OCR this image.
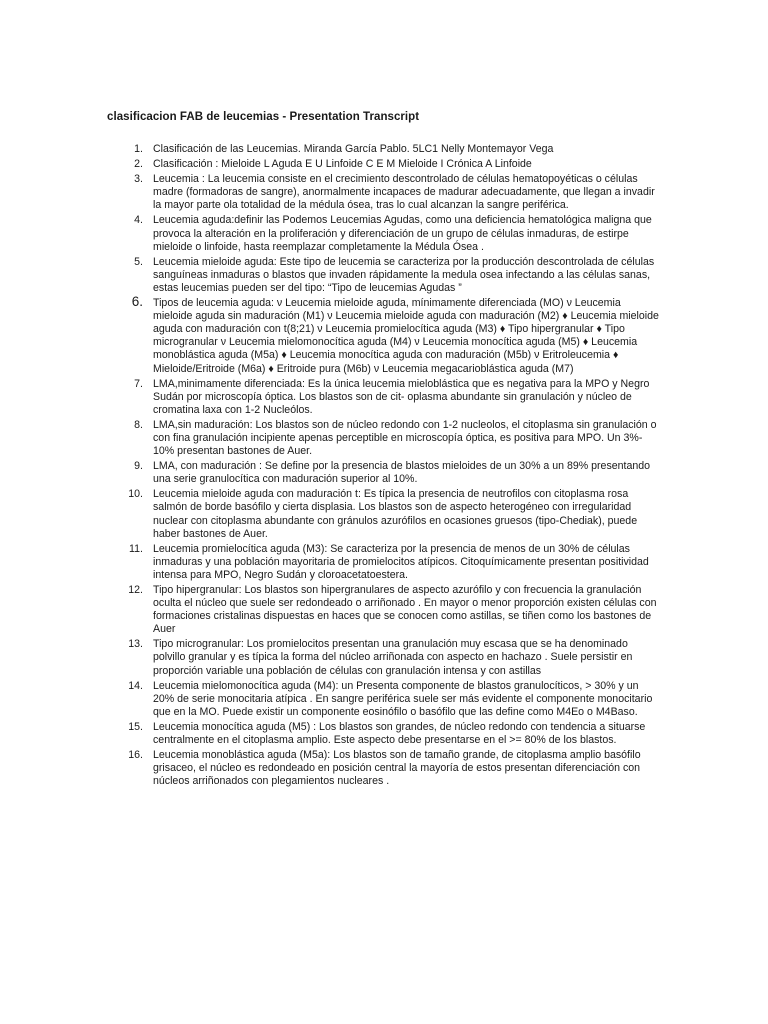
clasificacion FAB de leucemias - Presentation Transcript
1. Clasificación de las Leucemias. Miranda García Pablo. 5LC1 Nelly Montemayor Vega
2. Clasificación : Mieloide L Aguda E U Linfoide C E M Mieloide I Crónica A Linfoide
3. Leucemia : La leucemia consiste en el crecimiento descontrolado de células hematopoyéticas o células madre (formadoras de sangre), anormalmente incapaces de madurar adecuadamente, que llegan a invadir la mayor parte ola totalidad de la médula ósea, tras lo cual alcanzan la sangre periférica.
4. Leucemia aguda:definir las Podemos Leucemias Agudas, como una deficiencia hematológica maligna que provoca la alteración en la proliferación y diferenciación de un grupo de células inmaduras, de estirpe mieloide o linfoide, hasta reemplazar completamente la Médula Ósea .
5. Leucemia mieloide aguda: Este tipo de leucemia se caracteriza por la producción descontrolada de células sanguíneas inmaduras o blastos que invaden rápidamente la medula osea infectando a las células sanas, estas leucemias pueden ser del tipo: “Tipo de leucemias Agudas ”
6. Tipos de leucemia aguda: ν Leucemia mieloide aguda, mínimamente diferenciada (MO) ν Leucemia mieloide aguda sin maduración (M1) ν Leucemia mieloide aguda con maduración (M2) ♦ Leucemia mieloide aguda con maduración con t(8;21) ν Leucemia promielocítica aguda (M3) ♦ Tipo hipergranular ♦ Tipo microgranular ν Leucemia mielomonocítica aguda (M4) ν Leucemia monocítica aguda (M5) ♦ Leucemia monoblástica aguda (M5a) ♦ Leucemia monocítica aguda con maduración (M5b) ν Eritroleucemia ♦ Mieloide/Eritroide (M6a) ♦ Eritroide pura (M6b) ν Leucemia megacarioblástica aguda (M7)
7. LMA,minimamente diferenciada: Es la única leucemia mieloblástica que es negativa para la MPO y Negro Sudán por microscopía óptica. Los blastos son de cit- oplasma abundante sin granulación y núcleo de cromatina laxa con 1-2 Nucleólos.
8. LMA,sin maduración: Los blastos son de núcleo redondo con 1-2 nucleolos, el citoplasma sin granulación o con fina granulación incipiente apenas perceptible en microscopía óptica, es positiva para MPO. Un 3%- 10% presentan bastones de Auer.
9. LMA, con maduración : Se define por la presencia de blastos mieloides de un 30% a un 89% presentando una serie granulocítica con maduración superior al 10%.
10. Leucemia mieloide aguda con maduración t: Es típica la presencia de neutrofilos con citoplasma rosa salmón de borde basófilo y cierta displasia. Los blastos son de aspecto heterogéneo con irregularidad nuclear con citoplasma abundante con gránulos azurófilos en ocasiones gruesos (tipo-Chediak), puede haber bastones de Auer.
11. Leucemia promielocítica aguda (M3): Se caracteriza por la presencia de menos de un 30% de células inmaduras y una población mayoritaria de promielocitos atípicos. Citoquímicamente presentan positividad intensa para MPO, Negro Sudán y cloroacetatoestera.
12. Tipo hipergranular: Los blastos son hipergranulares de aspecto azurófilo y con frecuencia la granulación oculta el núcleo que suele ser redondeado o arriñonado . En mayor o menor proporción existen células con formaciones cristalinas dispuestas en haces que se conocen como astillas, se tiñen como los bastones de Auer
13. Tipo microgranular: Los promielocitos presentan una granulación muy escasa que se ha denominado polvillo granular y es típica la forma del núcleo arriñonada con aspecto en hachazo . Suele persistir en proporción variable una población de células con granulación intensa y con astillas
14. Leucemia mielomonocítica aguda (M4): un Presenta componente de blastos granulocíticos, > 30% y un 20% de serie monocitaria atípica . En sangre periférica suele ser más evidente el componente monocitario que en la MO. Puede existir un componente eosinófilo o basófilo que las define como M4Eo o M4Baso.
15. Leucemia monocítica aguda (M5) : Los blastos son grandes, de núcleo redondo con tendencia a situarse centralmente en el citoplasma amplio. Este aspecto debe presentarse en el >= 80% de los blastos.
16. Leucemia monoblástica aguda (M5a): Los blastos son de tamaño grande, de citoplasma amplio basófilo grisaceo, el núcleo es redondeado en posición central la mayoría de estos presentan diferenciación con núcleos arriñonados con plegamientos nucleares .
